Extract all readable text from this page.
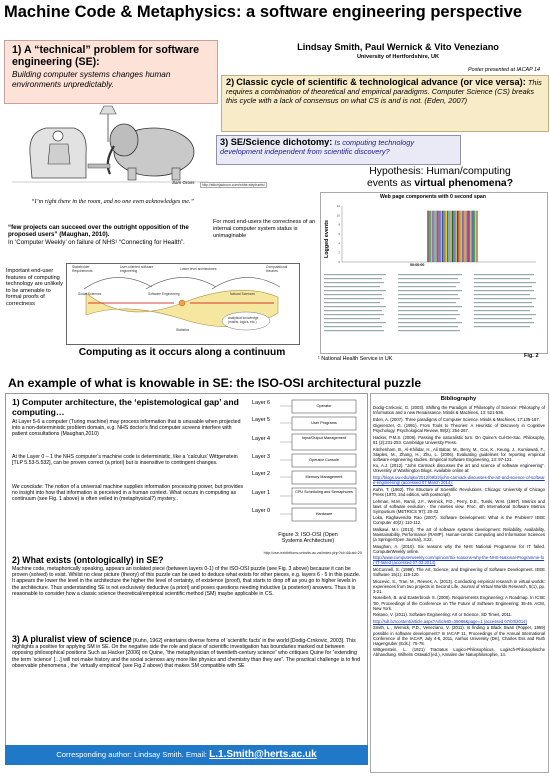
Machine Code & Metaphysics: a software engineering perspective
1) A “technical” problem for software engineering (SE):
Building computer systems changes human environments unpredictably.
Lindsay Smith, Paul Wernick & Vito Veneziano
University of Hertfordshire, UK
Poster presented at IACAP 14
2) Classic cycle of scientific & technological advance (or vice versa): This requires a combination of theoretical and empirical paradigms. Computer Science (CS) breaks this cycle with a lack of consensus on what CS is and is not. (Eden, 2007)
3) SE/Science dichotomy: Is computing technology development independent from scientific discovery?
Sam Gross
“I’m right there in the room, and no one even acknowledges me.”
http://stitchjackson.com/white-elephants/
“few projects can succeed over the outright opposition of the proposed users” (Maughan, 2010).
In ‘Computer Weekly’ on failure of NHS¹ “Connecting for Health”.
For most end-users the correctness of an internal computer system status is unimaginable
Important end-user features of computing technology are unlikely to be amenable to formal proofs of correctness
Stakeholder Requirements
User-oriented software engineering	Lower level architectures	Computational theories
Social Sciences	Software Engineering	Natural Sciences
analytical knowledge (maths, logics, etc.)
Statistics
Computing as it occurs along a continuum
Hypothesis: Human/computing
events as virtual phenomena?
Web page components with 0 second span
Logged events
0
2
4
6
8
10
12
00:00:00
Fig. 2
¹ National Health Service in UK
An example of what is knowable in SE: the ISO-OSI architectural puzzle
1) Computer architecture, the ‘epistemological gap’ and computing…
At Layer 5-6 a computer (Turing machine) may process information that is unusable when projected into a non-deterministic problem domain, e.g. NHS doctor’s find computer screens interfere with patient consultations (Maughan,2010)
At the Layer 0 – 1 the NHS computer’s machine code is deterministic, like a ‘calculus’ Wittgenstein [TLP 5.53-5.532], can be proven correct (a priori) but is insensitive to contingent changes.
We conclude: The notion of a universal machine supplies information processing power, but provides no insight into how that information is perceived in a human context. What occurs in computing as continuum (see Fig. 1 above) is often veiled in (metaphysical?) mystery..
Layer 6
Layer 5
Layer 4
Layer 3
Layer 2
Layer 1
Layer 0
Operator
User Programs
Input/Output Management
Operator Console
Memory Management
CPU Scheduling and Semaphores
Hardware
Figure 3: ISO-OSI (Open
Systems Architecture)
http://cse-exhibitions.uniwits.ac.za/index.php?id=4&uid=20
2) What exists (ontologically) in SE?
Machine code, metaphorically speaking, appears an isolated piece (between layers 0-1) of the ISO-OSI puzzle (see Fig. 3 above) because it can be proven (solved) to exist. Whilst no clear picture (theory) of this puzzle can be used to deduce what exists for other pieces, e.g. layers 6 - 5 in this puzzle. It appears the lower the level in the architecture the higher the level of certainty, of existence (proof), that starts to drop off as you go to higher levels in the architecture. Thus understanding SE is not exclusively deductive (a priori) and poses questions needing inductive (a posteriori) answers. Thus it is reasonable to consider how a classic science theoretical/empirical scientific method (SM) maybe applicable in CS.
3) A pluralist view of science [Kuhn, 1962] entertains diverse forms of ‘scientific facts’ in the world [Dodig-Crnkovic, 2003]. This highlights a positive for applying SM in SE. On the negative side the role and place of scientific investigation has boundaries marked out between opposing philosophical positions Such as Hacker [2006] on Quine, “the metaphysician of twentieth-century science” who critiques Quine for “extending the term ‘science’ […] will not make history and the social sciences any more like physics and chemistry than they are”. The practical challenge is to find observable phenomena , the ‘virtually empirical’ (see Fig.2 above) that makes SM compatible with SE
Corresponding author: Lindsay Smith. Email: L.1.Smith@herts.ac.uk
Bibliography

Dodig-Crnkovic, G. (2003). Shifting the Paradigm of Philosophy of Science: Philosophy of Information and a new Renaissance. Minds & Machines, 13: 521-536.

Eden, A. (2007). Three paradigms of Computer Science. Minds & Machines, 17:135-167.

Gigerenzer, G. (1991). From Tools to Theories: A Heuristic of Discovery in Cognitive Psychology. Psychological Review, 98(2): 254-267.

Hacker, P.M.S. (2006). Passing the naturalistic turn: On Quine's Cul-De-Sac. Philosophy, 81 (2):231-253. Cambridge University Press.

Kitchenham, B., Al-Khilidar, H., Ali Babar, M., Berry, M., Cox, K., Keung, J., Kurniawati, F., Staples, M., Zhang, H., Zhu, L. (2006). Evaluating guidelines for reporting empirical software engineering studies. Empirical Software Engineering, 13: 97-121.

Ko, A.J. (2012). “John Carmack discusses the art and science of software engineering”. University of Washington Blogs. Available online at:

http://blogs.uw.edu/ajko/2012/08/22/john-carmack-discusses-the-art-and-science-of-software-engineering/ (accessed 07 March 2014).

Kuhn, T. (1962). The Structure of Scientific Revolutions. Chicago: University of Chicago Press (1970, 2nd edition, with postscript).

Lehman, M.M., Ramil, J.F., Wernick, P.D., Perry, D.E., Turski, W.M. (1997). Metrics and laws of software evolution - the nineties view. Proc. 4th International Software Metrics Symposium (METRICS '97): 20-32.

Loka, Raghavendra Rao (2007). Software Development: What is the Problem? IEEE Computer 40(2): 110-112.

Malkawi, M.I. (2013). The art of software systems development: Reliability, Availability, Maintainability, Performance (RAMP). Human-centric Computing and Information Sciences (a SpringerOpen Journal), 3:22.

Maughan, A. (2010). Six reasons why the NHS National Programme for IT failed. ComputerWeekly online.

http://www.computerweekly.com/opinion/Six-reasons-why-the-NHS-National-Programme-for-IT-failed (accessed 07.03.2014)

McConnell, S. (1998). The Art, Science, and Engineering of Software Development. IEEE Software 15(1): 118-120.

Miocevic, S., Tran, M., Reeves, A. (2013). Conducting empirical research in virtual worlds: experiences from two projects in Second Life. Journal of Virtual Worlds Research, 5(1), pp. 3-21.

Nuseibeh, B. and Easterbrook S. (2000). Requirements Engineering: A Roadmap. In ICSE '00, Proceedings of the Conference on The Future of Software Engineering: 35-46. ACM, New York.

Reitano, V. (2011). Software Engineering: Art or Science. SD Times, 2011.

http://sdt.bz/content/article.aspx?ArticleID=35088&page=1 (accessed 07/03/2014)

Smith, L., Wernick, P.D., Veneziano, V. (2011). Is finding a Black Swan (Popper, 1959) possible in software development? In IACAP 11, Proceedings of the Annual International Conference of the IACAP, July 4-6, 2011, Aarhus University (DK), Charles Ess and Ruth Hagengruber (Eds.): 75-78.

Wittgenstein, L. (1921) Tractatus Logico-Philosophicus. Logisch-Philosophische Abhandlung. Wilhelm Ostwald (ed.), Annalen der Naturphilosophie, 14.
